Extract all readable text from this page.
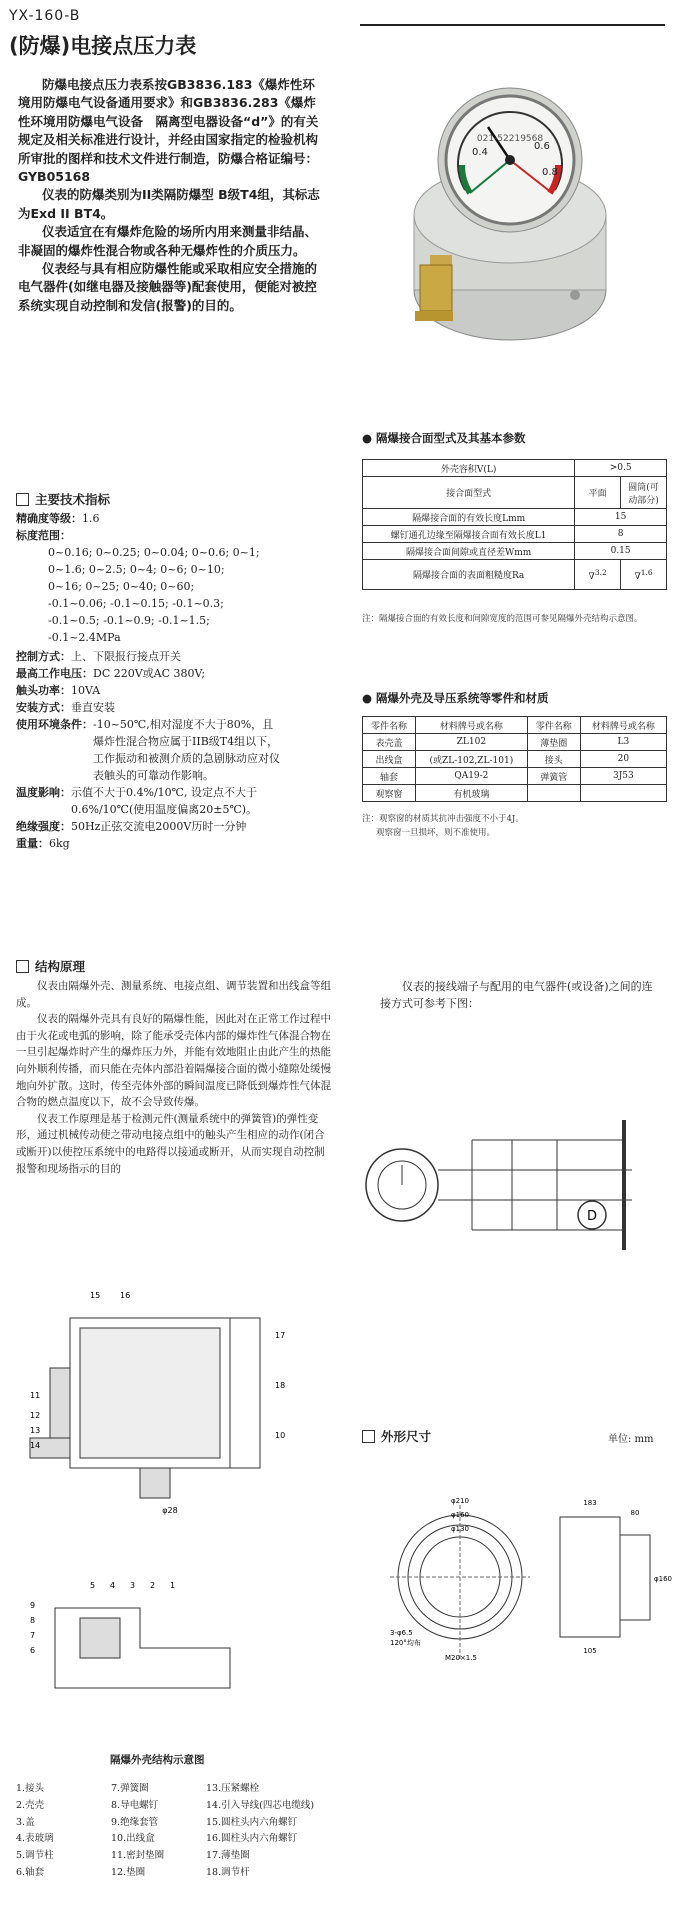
YX-160-B
(防爆)电接点压力表

防爆电接点压力表系按GB3836.183《爆炸性环境用防爆电气设备通用要求》和GB3836.283《爆炸性环境用防爆电气设备　隔离型电器设备“d”》的有关规定及相关标准进行设计，并经由国家指定的检验机构所审批的图样和技术文件进行制造，防爆合格证编号：　GYB05168

仪表的防爆类别为II类隔防爆型 B级T4组，其标志为Exd II BT4。

仪表适宜在有爆炸危险的场所内用来测量非结晶、非凝固的爆炸性混合物或各种无爆炸性的介质压力。

仪表经与具有相应防爆性能或采取相应安全措施的电气器件(如继电器及接触器等)配套使用，便能对被控系统实现自动控制和发信(报警)的目的。

021-52219568
0.4
0.6
0.8
● 隔爆接合面型式及其基本参数
外壳容积V(L)	>0.5	
接合面型式	平面	圆筒(可动部分)
隔爆接合面的有效长度Lmm	15	
螺钉通孔边缘至隔爆接合面有效长度L1	8	
隔爆接合面间隙或直径差Wmm	0.15	
隔爆接合面的表面粗糙度Ra	∇$^{3.2}$	∇$^{1.6}$
注：隔爆接合面的有效长度和间隙宽度的范围可参见隔爆外壳结构示意图。
● 隔爆外壳及导压系统等零件和材质
零件名称	材料牌号或名称	零件名称	材料牌号或名称
表壳盖	ZL102	薄垫圈	L3
出线盒	(或ZL-102,ZL-101)	接头	20
轴套	QA19-2	弹簧管	3J53
观察窗	有机玻璃		
注：观察窗的材质其抗冲击强度不小于4J。
观察窗一旦损坏，则不准使用。
主要技术指标
精确度等级： 1.6
标度范围：
0~0.16; 0~0.25; 0~0.04; 0~0.6; 0~1;
0~1.6; 0~2.5; 0~4; 0~6; 0~10;
0~16; 0~25; 0~40; 0~60;
-0.1~0.06; -0.1~0.15; -0.1~0.3;
-0.1~0.5; -0.1~0.9; -0.1~1.5;
-0.1~2.4MPa
控制方式： 上、下限报行接点开关
最高工作电压： DC 220V或AC 380V;
触头功率： 10VA
安装方式： 垂直安装
使用环境条件： -10~50℃,相对湿度不大于80%，且爆炸性混合物应属于IIB级T4组以下，工作振动和被测介质的急剧脉动应对仪表触头的可靠动作影响。
温度影响： 示值不大于0.4%/10℃, 设定点不大于0.6%/10℃(使用温度偏离20±5℃)。
绝缘强度： 50Hz正弦交流电2000V历时一分钟
重量： 6kg
结构原理

仪表由隔爆外壳、测量系统、电接点组、调节装置和出线盒等组成。

仪表的隔爆外壳具有良好的隔爆性能，因此对在正常工作过程中由于火花或电弧的影响，除了能承受壳体内部的爆炸性气体混合物在一旦引起爆炸时产生的爆炸压力外，并能有效地阻止由此产生的热能向外顺利传播，而只能在壳体内部沿着隔爆接合面的微小缝隙处缓慢地向外扩散。这时，传至壳体外部的瞬间温度已降低到爆炸性气体混合物的燃点温度以下，故不会导致传爆。

仪表工作原理是基于检测元件(测量系统中的弹簧管)的弹性变形，通过机械传动使之带动电接点组中的触头产生相应的动作(闭合或断开)以使控压系统中的电路得以接通或断开，从而实现自动控制报警和现场指示的目的

仪表的接线端子与配用的电气器件(或设备)之间的连接方式可参考下图：

D
外形尺寸	单位: mm
φ210
φ160
φ130
3-φ6.5
120°均布
M20×1.5
183
80
105
φ160
φ28
15 16
17
18
11
12
13
14
9
8
7
6
5 4 3 2 1
10
隔爆外壳结构示意图
1.接头
2.壳壳
3.盖
4.表玻璃
5.调节柱
6.轴套
7.弹簧圈
8.导电螺钉
9.绝缘套管
10.出线盒
11.密封垫圈
12.垫圈
13.压紧螺栓
14.引入导线(四芯电缆线)
15.圆柱头内六角螺钉
16.圆柱头内六角螺钉
17.薄垫圈
18.调节杆
